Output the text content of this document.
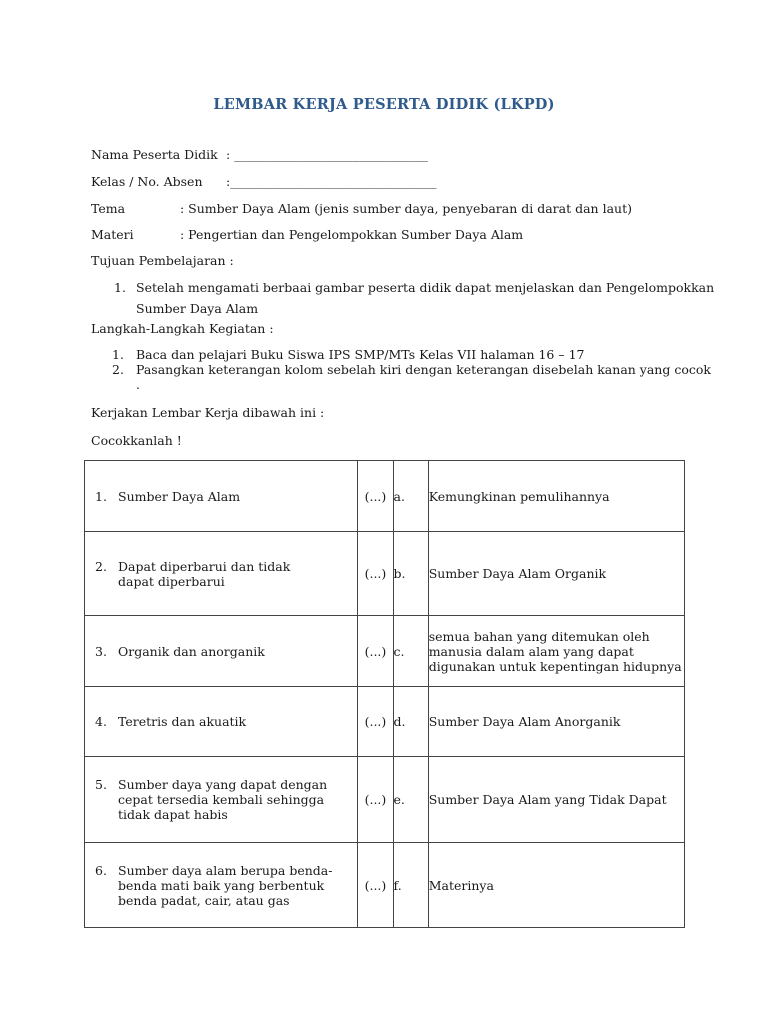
LEMBAR KERJA PESERTA DIDIK (LKPD)
Nama Peserta Didik : _______________________________
Kelas / No. Absen :_________________________________
Tema	: Sumber Daya Alam (jenis sumber daya, penyebaran di darat dan laut)
Materi	: Pengertian dan Pengelompokkan Sumber Daya Alam
Tujuan Pembelajaran :
1. Setelah mengamati berbaai gambar peserta didik dapat menjelaskan dan Pengelompokkan
Sumber Daya Alam
Langkah-Langkah Kegiatan :
1. Baca dan pelajari Buku Siswa IPS SMP/MTs Kelas VII halaman 16 – 17
2. Pasangkan keterangan kolom sebelah kiri dengan keterangan disebelah kanan yang cocok
.
Kerjakan Lembar Kerja dibawah ini :
Cocokkanlah !
1. Sumber Daya Alam	(...)	a.	Kemungkinan pemulihannya

2. Dapat diperbarui dan tidak dapat diperbarui	(...)	b.	Sumber Daya Alam Organik

3. Organik dan anorganik	(...)	c.	semua bahan yang ditemukan oleh manusia dalam alam yang dapat digunakan untuk kepentingan hidupnya

4. Teretris dan akuatik	(...)	d.	Sumber Daya Alam Anorganik

5. Sumber daya yang dapat dengan cepat tersedia kembali sehingga tidak dapat habis	(...)	e.	Sumber Daya Alam yang Tidak Dapat

6. Sumber daya alam berupa benda-benda mati baik yang berbentuk benda padat, cair, atau gas	(...)	f.	Materinya
